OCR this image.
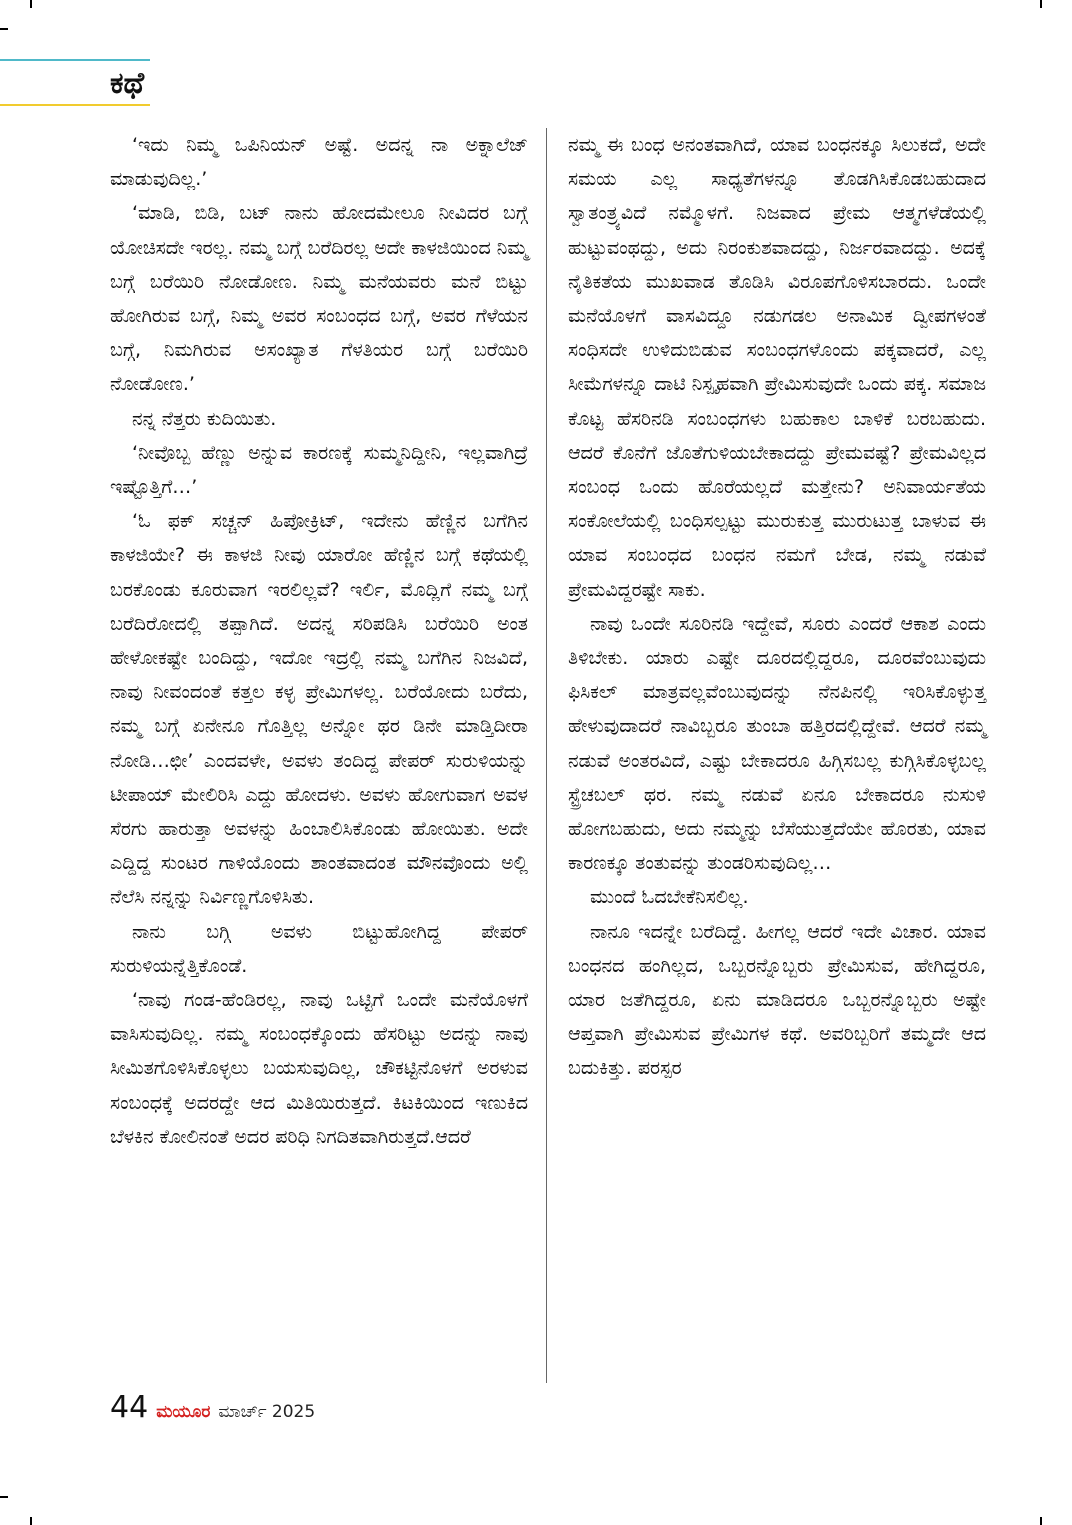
ಕಥೆ

‘ಇದು ನಿಮ್ಮ ಒಪಿನಿಯನ್ ಅಷ್ಟೆ. ಅದನ್ನ ನಾ ಅಕ್ನಾಲೆಜ್ ಮಾಡುವುದಿಲ್ಲ.’

‘ಮಾಡಿ, ಬಿಡಿ, ಬಟ್ ನಾನು ಹೋದಮೇಲೂ ನೀವಿದರ ಬಗ್ಗೆ ಯೋಚಿಸದೇ ಇರಲ್ಲ. ನಮ್ಮ ಬಗ್ಗೆ ಬರೆದಿರಲ್ಲ ಅದೇ ಕಾಳಜಿಯಿಂದ ನಿಮ್ಮ ಬಗ್ಗೆ ಬರೆಯಿರಿ ನೋಡೋಣ. ನಿಮ್ಮ ಮನೆಯವರು ಮನೆ ಬಿಟ್ಟು ಹೋಗಿರುವ ಬಗ್ಗೆ, ನಿಮ್ಮ ಅವರ ಸಂಬಂಧದ ಬಗ್ಗೆ, ಅವರ ಗೆಳೆಯನ ಬಗ್ಗೆ, ನಿಮಗಿರುವ ಅಸಂಖ್ಯಾತ ಗೆಳತಿಯರ ಬಗ್ಗೆ ಬರೆಯಿರಿ ನೋಡೋಣ.’

ನನ್ನ ನೆತ್ತರು ಕುದಿಯಿತು.

‘ನೀವೊಬ್ಬ ಹೆಣ್ಣು ಅನ್ನುವ ಕಾರಣಕ್ಕೆ ಸುಮ್ಮನಿದ್ದೀನಿ, ಇಲ್ಲವಾಗಿದ್ರೆ ಇಷ್ಟೊತ್ತಿಗೆ…’

‘ಓ ಫಕ್ ಸಚ್ಚನ್ ಹಿಪೋಕ್ರಿಟ್, ಇದೇನು ಹೆಣ್ಣಿನ ಬಗೆಗಿನ ಕಾಳಜಿಯೇ? ಈ ಕಾಳಜಿ ನೀವು ಯಾರೋ ಹೆಣ್ಣಿನ ಬಗ್ಗೆ ಕಥೆಯಲ್ಲಿ ಬರಕೊಂಡು ಕೂರುವಾಗ ಇರಲಿಲ್ಲವೆ? ಇರ್ಲಿ, ಮೊದ್ಲಿಗೆ ನಮ್ಮ ಬಗ್ಗೆ ಬರೆದಿರೋದಲ್ಲಿ ತಪ್ಪಾಗಿದೆ. ಅದನ್ನ ಸರಿಪಡಿಸಿ ಬರೆಯಿರಿ ಅಂತ ಹೇಳೋಕಷ್ಟೇ ಬಂದಿದ್ದು, ಇದೋ ಇದ್ರಲ್ಲಿ ನಮ್ಮ ಬಗೆಗಿನ ನಿಜವಿದೆ, ನಾವು ನೀವಂದಂತೆ ಕತ್ತಲ ಕಳ್ಳ ಪ್ರೇಮಿಗಳಲ್ಲ. ಬರೆಯೋದು ಬರೆದು, ನಮ್ಮ ಬಗ್ಗೆ ಏನೇನೂ ಗೊತ್ತಿಲ್ಲ ಅನ್ನೋ ಥರ ಡಿನೇ ಮಾಡ್ತಿದೀರಾ ನೋಡಿ…ಛೀ’ ಎಂದವಳೇ, ಅವಳು ತಂದಿದ್ದ ಪೇಪರ್ ಸುರುಳಿಯನ್ನು ಟೀಪಾಯ್ ಮೇಲಿರಿಸಿ ಎದ್ದು ಹೋದಳು. ಅವಳು ಹೋಗುವಾಗ ಅವಳ ಸೆರಗು ಹಾರುತ್ತಾ ಅವಳನ್ನು ಹಿಂಬಾಲಿಸಿಕೊಂಡು ಹೋಯಿತು. ಅದೇ ಎದ್ದಿದ್ದ ಸುಂಟರ ಗಾಳಿಯೊಂದು ಶಾಂತವಾದಂತ ಮೌನವೊಂದು ಅಲ್ಲಿ ನೆಲೆಸಿ ನನ್ನನ್ನು ನಿರ್ವಿಣ್ಣಗೊಳಿಸಿತು.

ನಾನು ಬಗ್ಗಿ ಅವಳು ಬಿಟ್ಟುಹೋಗಿದ್ದ ಪೇಪರ್ ಸುರುಳಿಯನ್ನೆತ್ತಿಕೊಂಡೆ.

‘ನಾವು ಗಂಡ-ಹೆಂಡಿರಲ್ಲ, ನಾವು ಒಟ್ಟಿಗೆ ಒಂದೇ ಮನೆಯೊಳಗೆ ವಾಸಿಸುವುದಿಲ್ಲ. ನಮ್ಮ ಸಂಬಂಧಕ್ಕೊಂದು ಹೆಸರಿಟ್ಟು ಅದನ್ನು ನಾವು ಸೀಮಿತಗೊಳಿಸಿಕೊಳ್ಳಲು ಬಯಸುವುದಿಲ್ಲ, ಚೌಕಟ್ಟಿನೊಳಗೆ ಅರಳುವ ಸಂಬಂಧಕ್ಕೆ ಅದರದ್ದೇ ಆದ ಮಿತಿಯಿರುತ್ತದೆ. ಕಿಟಕಿಯಿಂದ ಇಣುಕಿದ ಬೆಳಕಿನ ಕೋಲಿನಂತೆ ಅದರ ಪರಿಧಿ ನಿಗದಿತವಾಗಿರುತ್ತದೆ.ಆದರೆ

ನಮ್ಮ ಈ ಬಂಧ ಅನಂತವಾಗಿದೆ, ಯಾವ ಬಂಧನಕ್ಕೂ ಸಿಲುಕದೆ, ಅದೇ ಸಮಯ ಎಲ್ಲ ಸಾಧ್ಯತೆಗಳನ್ನೂ ತೊಡಗಿಸಿಕೊಡಬಹುದಾದ ಸ್ವಾತಂತ್ರ್ಯವಿದೆ ನಮ್ಮೊಳಗೆ. ನಿಜವಾದ ಪ್ರೇಮ ಆತ್ಮಗಳೆಡೆಯಲ್ಲಿ ಹುಟ್ಟುವಂಥದ್ದು, ಅದು ನಿರಂಕುಶವಾದದ್ದು, ನಿರ್ಜರವಾದದ್ದು. ಅದಕ್ಕೆ ನೈತಿಕತೆಯ ಮುಖವಾಡ ತೊಡಿಸಿ ವಿರೂಪಗೊಳಿಸಬಾರದು. ಒಂದೇ ಮನೆಯೊಳಗೆ ವಾಸವಿದ್ದೂ ನಡುಗಡಲ ಅನಾಮಿಕ ದ್ವೀಪಗಳಂತೆ ಸಂಧಿಸದೇ ಉಳಿದುಬಿಡುವ ಸಂಬಂಧಗಳೊಂದು ಪಕ್ಕವಾದರೆ, ಎಲ್ಲ ಸೀಮೆಗಳನ್ನೂ ದಾಟಿ ನಿಸ್ಪೃಹವಾಗಿ ಪ್ರೇಮಿಸುವುದೇ ಒಂದು ಪಕ್ಕ. ಸಮಾಜ ಕೊಟ್ಟ ಹೆಸರಿನಡಿ ಸಂಬಂಧಗಳು ಬಹುಕಾಲ ಬಾಳಿಕೆ ಬರಬಹುದು. ಆದರೆ ಕೊನೆಗೆ ಜೊತೆಗುಳಿಯಬೇಕಾದದ್ದು ಪ್ರೇಮವಷ್ಟೆ? ಪ್ರೇಮವಿಲ್ಲದ ಸಂಬಂಧ ಒಂದು ಹೊರೆಯಲ್ಲದೆ ಮತ್ತೇನು? ಅನಿವಾರ್ಯತೆಯ ಸಂಕೋಲೆಯಲ್ಲಿ ಬಂಧಿಸಲ್ಪಟ್ಟು ಮುರುಕುತ್ತ ಮುರುಟುತ್ತ ಬಾಳುವ ಈ ಯಾವ ಸಂಬಂಧದ ಬಂಧನ ನಮಗೆ ಬೇಡ, ನಮ್ಮ ನಡುವೆ ಪ್ರೇಮವಿದ್ದರಷ್ಟೇ ಸಾಕು.

ನಾವು ಒಂದೇ ಸೂರಿನಡಿ ಇದ್ದೇವೆ, ಸೂರು ಎಂದರೆ ಆಕಾಶ ಎಂದು ತಿಳಿಬೇಕು. ಯಾರು ಎಷ್ಟೇ ದೂರದಲ್ಲಿದ್ದರೂ, ದೂರವೆಂಬುವುದು ಫಿಸಿಕಲ್ ಮಾತ್ರವಲ್ಲವೆಂಬುವುದನ್ನು ನೆನಪಿನಲ್ಲಿ ಇರಿಸಿಕೊಳ್ಳುತ್ತ ಹೇಳುವುದಾದರೆ ನಾವಿಬ್ಬರೂ ತುಂಬಾ ಹತ್ತಿರದಲ್ಲಿದ್ದೇವೆ. ಆದರೆ ನಮ್ಮ ನಡುವೆ ಅಂತರವಿದೆ, ಎಷ್ಟು ಬೇಕಾದರೂ ಹಿಗ್ಗಿಸಬಲ್ಲ ಕುಗ್ಗಿಸಿಕೊಳ್ಳಬಲ್ಲ ಸ್ಟ್ರೆಚಬಲ್ ಥರ. ನಮ್ಮ ನಡುವೆ ಏನೂ ಬೇಕಾದರೂ ನುಸುಳಿ ಹೋಗಬಹುದು, ಅದು ನಮ್ಮನ್ನು ಬೆಸೆಯುತ್ತದೆಯೇ ಹೊರತು, ಯಾವ ಕಾರಣಕ್ಕೂ ತಂತುವನ್ನು ತುಂಡರಿಸುವುದಿಲ್ಲ…

ಮುಂದೆ ಓದಬೇಕೆನಿಸಲಿಲ್ಲ.

ನಾನೂ ಇದನ್ನೇ ಬರೆದಿದ್ದೆ. ಹೀಗಲ್ಲ ಆದರೆ ಇದೇ ವಿಚಾರ. ಯಾವ ಬಂಧನದ ಹಂಗಿಲ್ಲದ, ಒಬ್ಬರನ್ನೊಬ್ಬರು ಪ್ರೇಮಿಸುವ, ಹೇಗಿದ್ದರೂ, ಯಾರ ಜತೆಗಿದ್ದರೂ, ಏನು ಮಾಡಿದರೂ ಒಬ್ಬರನ್ನೊಬ್ಬರು ಅಷ್ಟೇ ಆಪ್ತವಾಗಿ ಪ್ರೇಮಿಸುವ ಪ್ರೇಮಿಗಳ ಕಥೆ. ಅವರಿಬ್ಬರಿಗೆ ತಮ್ಮದೇ ಆದ ಬದುಕಿತ್ತು. ಪರಸ್ಪರ

44 ಮಯೂರ ಮಾರ್ಚ್ 2025
